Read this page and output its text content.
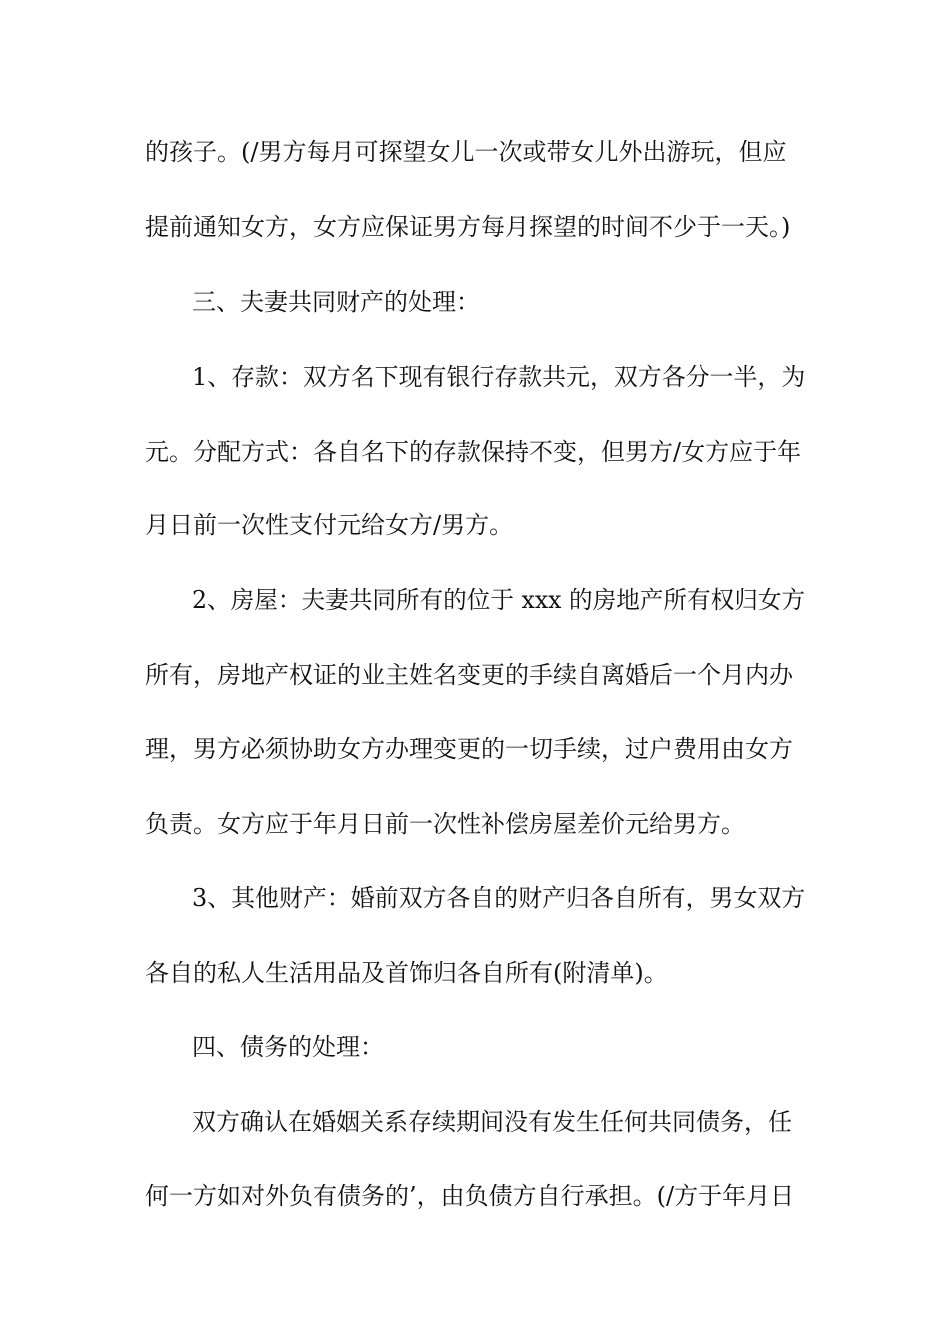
的孩子。(/男方每月可探望女儿一次或带女儿外出游玩，但应
提前通知女方，女方应保证男方每月探望的时间不少于一天。)
三、夫妻共同财产的处理：
1、存款：双方名下现有银行存款共元，双方各分一半，为
元。分配方式：各自名下的存款保持不变，但男方/女方应于年
月日前一次性支付元给女方/男方。
2、房屋：夫妻共同所有的位于 xxx 的房地产所有权归女方
所有，房地产权证的业主姓名变更的手续自离婚后一个月内办
理，男方必须协助女方办理变更的一切手续，过户费用由女方
负责。女方应于年月日前一次性补偿房屋差价元给男方。
3、其他财产：婚前双方各自的财产归各自所有，男女双方
各自的私人生活用品及首饰归各自所有(附清单)。
四、债务的处理：
双方确认在婚姻关系存续期间没有发生任何共同债务，任
何一方如对外负有债务的’，由负债方自行承担。(/方于年月日
